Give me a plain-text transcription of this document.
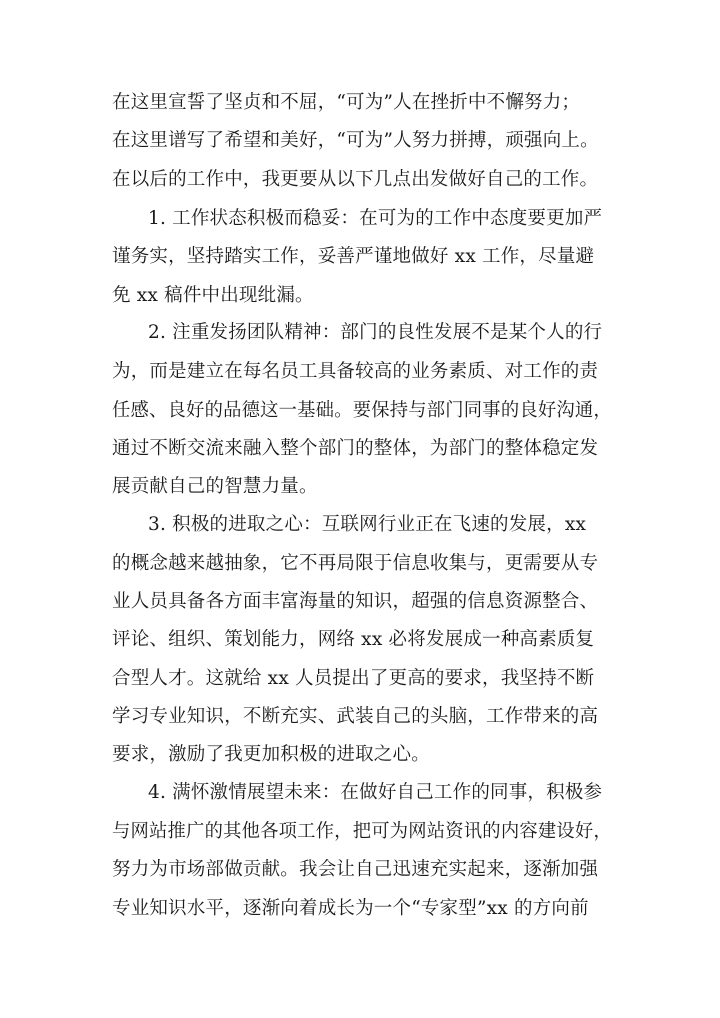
在这里宣誓了坚贞和不屈，“可为”人在挫折中不懈努力；
在这里谱写了希望和美好，“可为”人努力拼搏，顽强向上。
在以后的工作中，我更要从以下几点出发做好自己的工作。
1. 工作状态积极而稳妥：在可为的工作中态度要更加严
谨务实，坚持踏实工作，妥善严谨地做好 xx 工作，尽量避
免 xx 稿件中出现纰漏。
2. 注重发扬团队精神：部门的良性发展不是某个人的行
为，而是建立在每名员工具备较高的业务素质、对工作的责
任感、良好的品德这一基础。要保持与部门同事的良好沟通，
通过不断交流来融入整个部门的整体，为部门的整体稳定发
展贡献自己的智慧力量。
3. 积极的进取之心：互联网行业正在飞速的发展，xx
的概念越来越抽象，它不再局限于信息收集与，更需要从专
业人员具备各方面丰富海量的知识，超强的信息资源整合、
评论、组织、策划能力，网络 xx 必将发展成一种高素质复
合型人才。这就给 xx 人员提出了更高的要求，我坚持不断
学习专业知识，不断充实、武装自己的头脑，工作带来的高
要求，激励了我更加积极的进取之心。
4. 满怀激情展望未来：在做好自己工作的同事，积极参
与网站推广的其他各项工作，把可为网站资讯的内容建设好，
努力为市场部做贡献。我会让自己迅速充实起来，逐渐加强
专业知识水平，逐渐向着成长为一个“专家型”xx 的方向前
